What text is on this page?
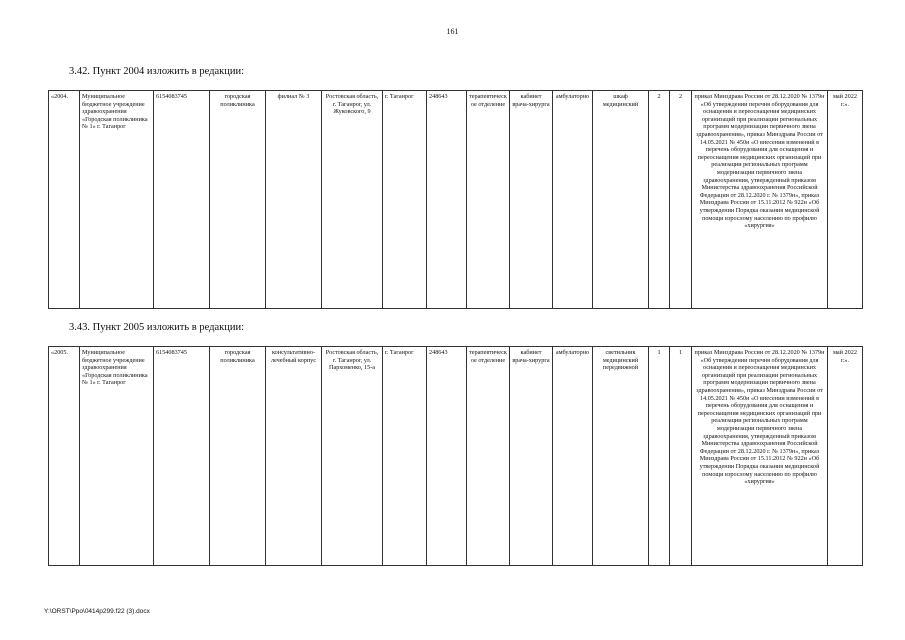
161
3.42. Пункт 2004 изложить в редакции:
«2004.	Муниципальное бюджетное учреждение здравоохранения «Городская поликлиника № 1» г. Таганрог	6154083745	городская поликлиника	филиал № 3	Ростовская область, г. Таганрог, ул. Жуковского, 9	г. Таганрог	248643	терапевтическое отделение	кабинет врача-хирурга	амбулаторно	шкаф медицинский	2	2	приказ Минздрава России от 28.12.2020 № 1379н «Об утверждении перечня оборудования для оснащения и переоснащения медицинских организаций при реализации региональных программ модернизации первичного звена здравоохранения», приказ Минздрава России от 14.05.2021 № 450н «О внесении изменений в перечень оборудования для оснащения и переоснащения медицинских организаций при реализации региональных программ модернизации первичного звена здравоохранения, утвержденный приказом Министерства здравоохранения Российской Федерации от 28.12.2020 г. № 1379н», приказ Минздрава России от 15.11.2012 № 922н «Об утверждении Порядка оказания медицинской помощи взрослому населению по профилю «хирургия»	май 2022 г.».
3.43. Пункт 2005 изложить в редакции:
«2005.	Муниципальное бюджетное учреждение здравоохранения «Городская поликлиника № 1» г. Таганрог	6154083745	городская поликлиника	консультативно-лечебный корпус	Ростовская область, г. Таганрог, ул. Пархоменко, 15-а	г. Таганрог	248643	терапевтическое отделение	кабинет врача-хирурга	амбулаторно	светильник медицинский передвижной	1	1	приказ Минздрава России от 28.12.2020 № 1379н «Об утверждении перечня оборудования для оснащения и переоснащения медицинских организаций при реализации региональных программ модернизации первичного звена здравоохранения», приказ Минздрава России от 14.05.2021 № 450н «О внесении изменений в перечень оборудования для оснащения и переоснащения медицинских организаций при реализации региональных программ модернизации первичного звена здравоохранения, утвержденный приказом Министерства здравоохранения Российской Федерации от 28.12.2020 г. № 1379н», приказ Минздрава России от 15.11.2012 № 922н «Об утверждении Порядка оказания медицинской помощи взрослому населению по профилю «хирургия»	май 2022 г.».
Y:\ORST\Ppo\0414p299.f22 (3).docx
